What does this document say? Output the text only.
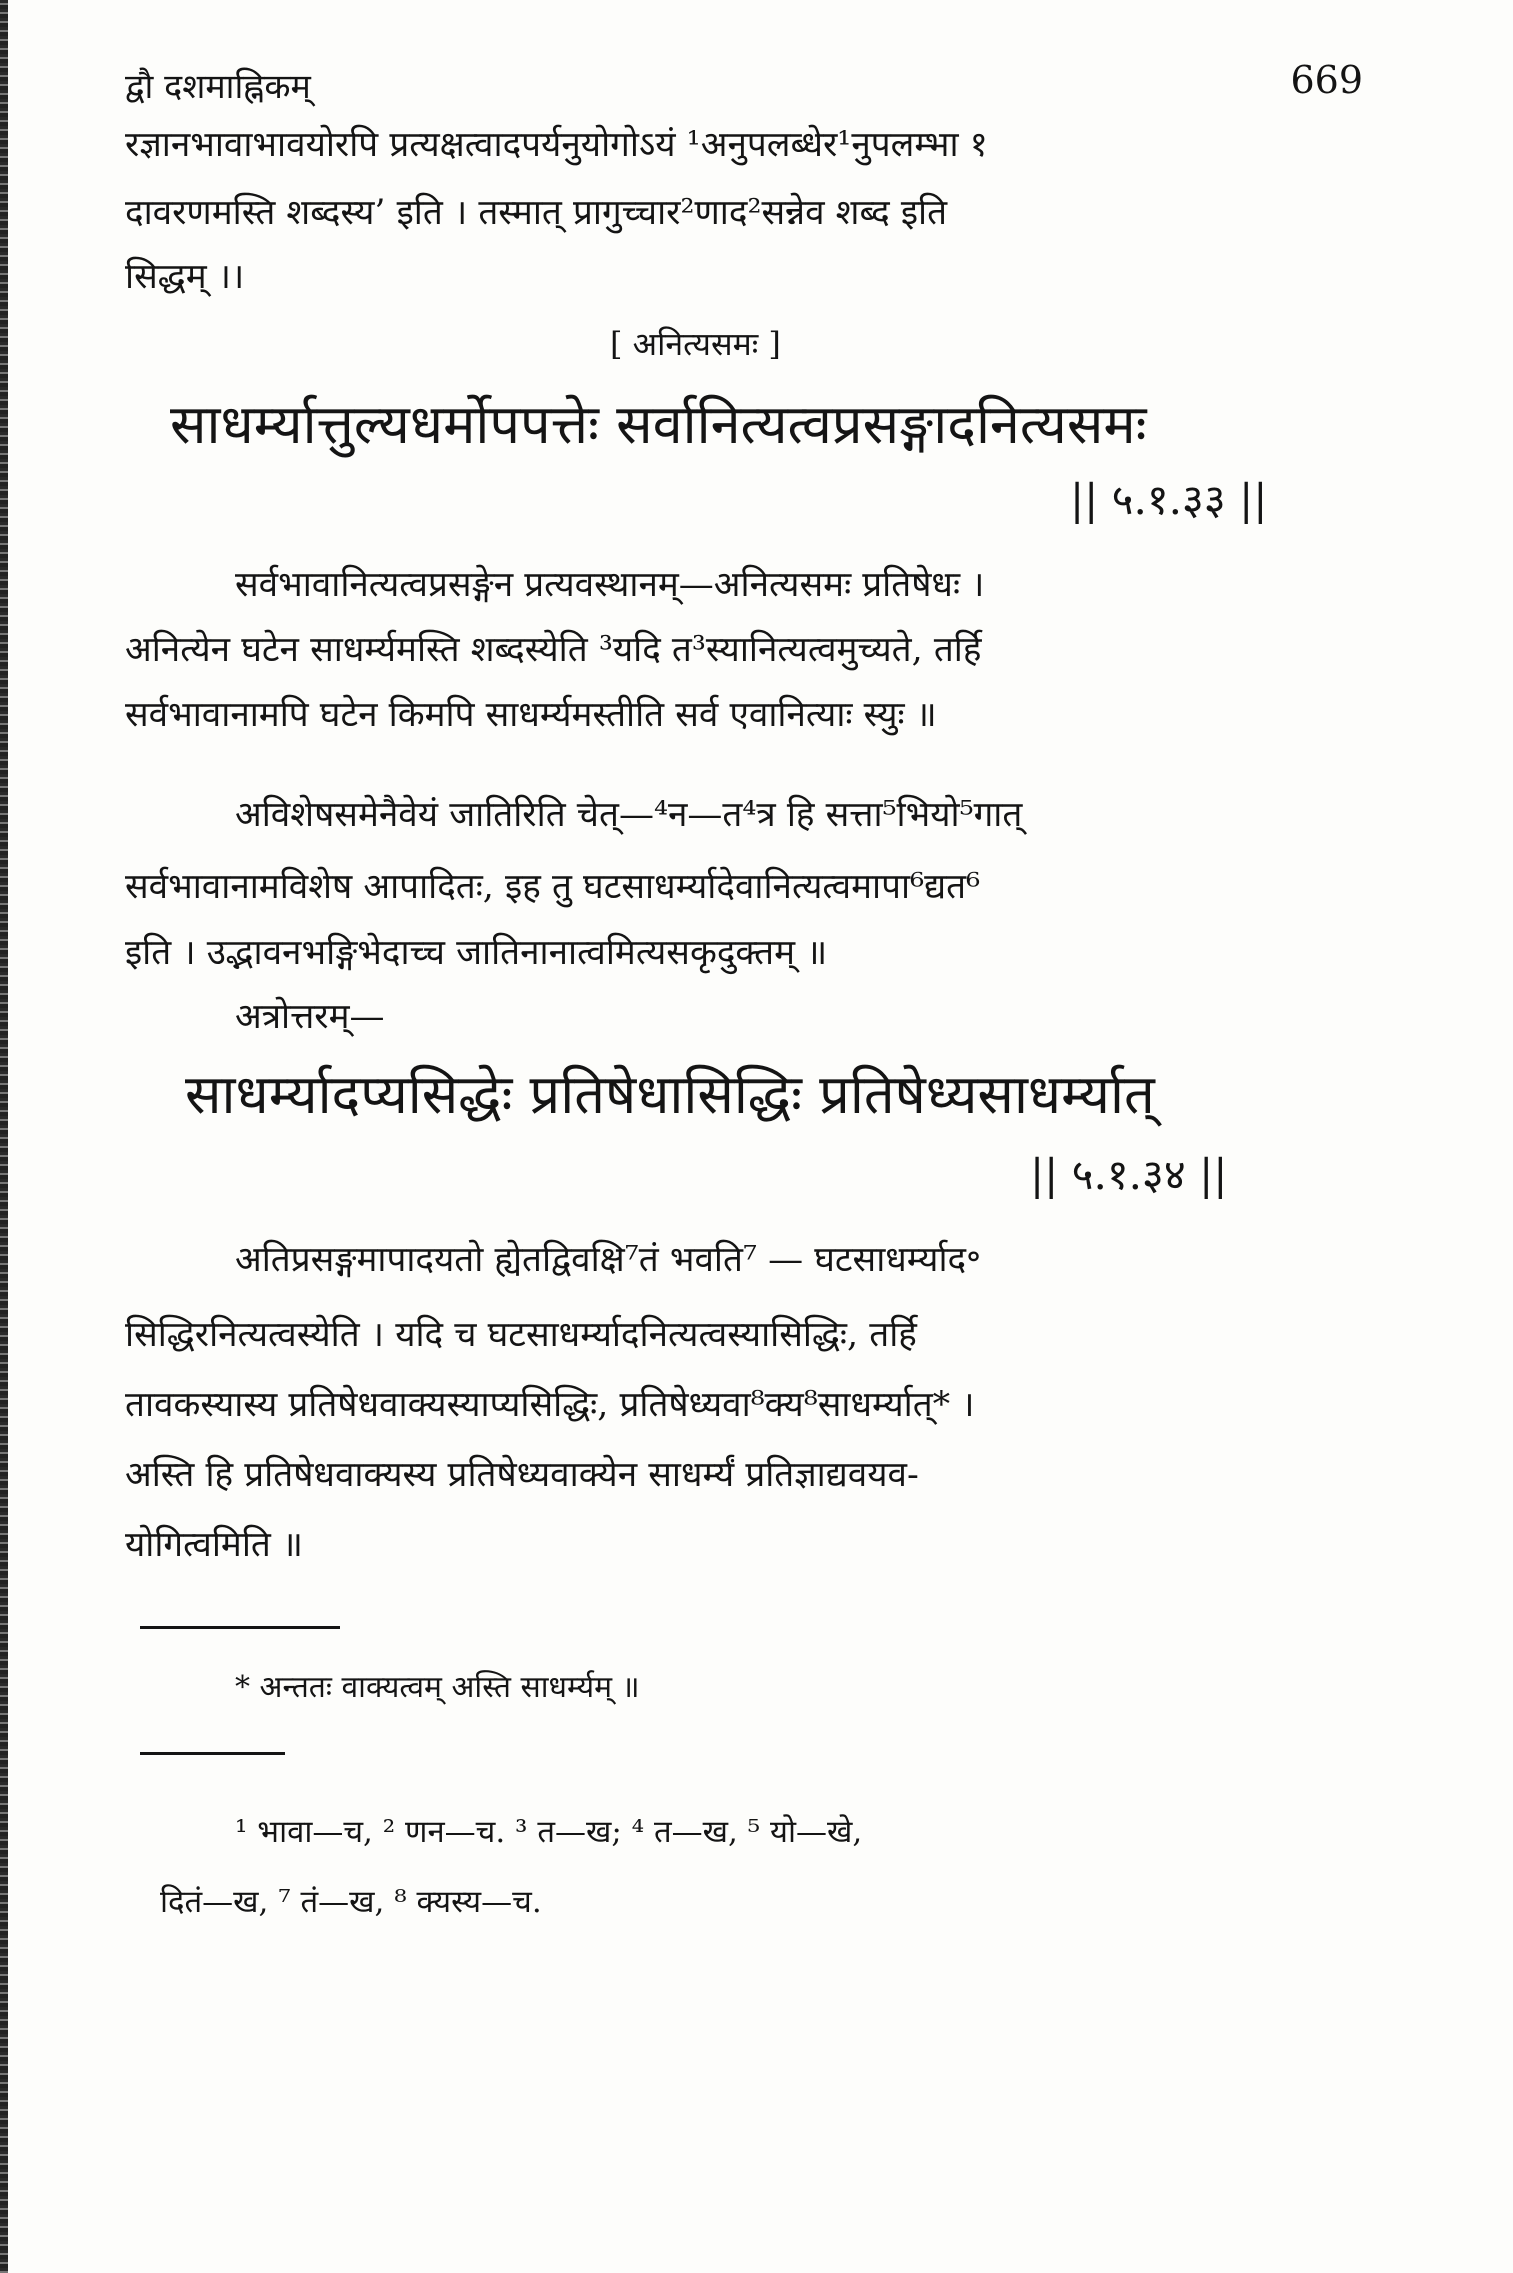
द्वौ दशमाह्निकम्	669
रज्ञानभावाभावयोरपि प्रत्यक्षत्वादपर्यनुयोगोऽयं ¹अनुपलब्धेर¹नुपलम्भा १
दावरणमस्ति शब्दस्य’ इति । तस्मात् प्रागुच्चार²णाद²सन्नेव शब्द इति
सिद्धम् ।।
[ अनित्यसमः ]
साधर्म्यात्तुल्यधर्मोपपत्तेः सर्वानित्यत्वप्रसङ्गादनित्यसमः
|| ५.१.३३ ||
सर्वभावानित्यत्वप्रसङ्गेन प्रत्यवस्थानम्—अनित्यसमः प्रतिषेधः ।
अनित्येन घटेन साधर्म्यमस्ति शब्दस्येति ³यदि त³स्यानित्यत्वमुच्यते, तर्हि
सर्वभावानामपि घटेन किमपि साधर्म्यमस्तीति सर्व एवानित्याः स्युः ॥
अविशेषसमेनैवेयं जातिरिति चेत्—⁴न—त⁴त्र हि सत्ता⁵भियो⁵गात्
सर्वभावानामविशेष आपादितः, इह तु घटसाधर्म्यादेवानित्यत्वमापा⁶द्यत⁶
इति । उद्भावनभङ्गिभेदाच्च जातिनानात्वमित्यसकृदुक्तम् ॥
अत्रोत्तरम्—
साधर्म्यादप्यसिद्धेः प्रतिषेधासिद्धिः प्रतिषेध्यसाधर्म्यात्
|| ५.१.३४ ||
अतिप्रसङ्गमापादयतो ह्येतद्विवक्षि⁷तं भवति⁷ — घटसाधर्म्याद॰
सिद्धिरनित्यत्वस्येति । यदि च घटसाधर्म्यादनित्यत्वस्यासिद्धिः, तर्हि
तावकस्यास्य प्रतिषेधवाक्यस्याप्यसिद्धिः, प्रतिषेध्यवा⁸क्य⁸साधर्म्यात्* ।
अस्ति हि प्रतिषेधवाक्यस्य प्रतिषेध्यवाक्येन साधर्म्यं प्रतिज्ञाद्यवयव-
योगित्वमिति ॥
* अन्ततः वाक्यत्वम् अस्ति साधर्म्यम् ॥
¹ भावा—च, ² णन—च. ³ त—ख; ⁴ त—ख, ⁵ यो—खे,
दितं—ख, ⁷ तं—ख, ⁸ क्यस्य—च.
